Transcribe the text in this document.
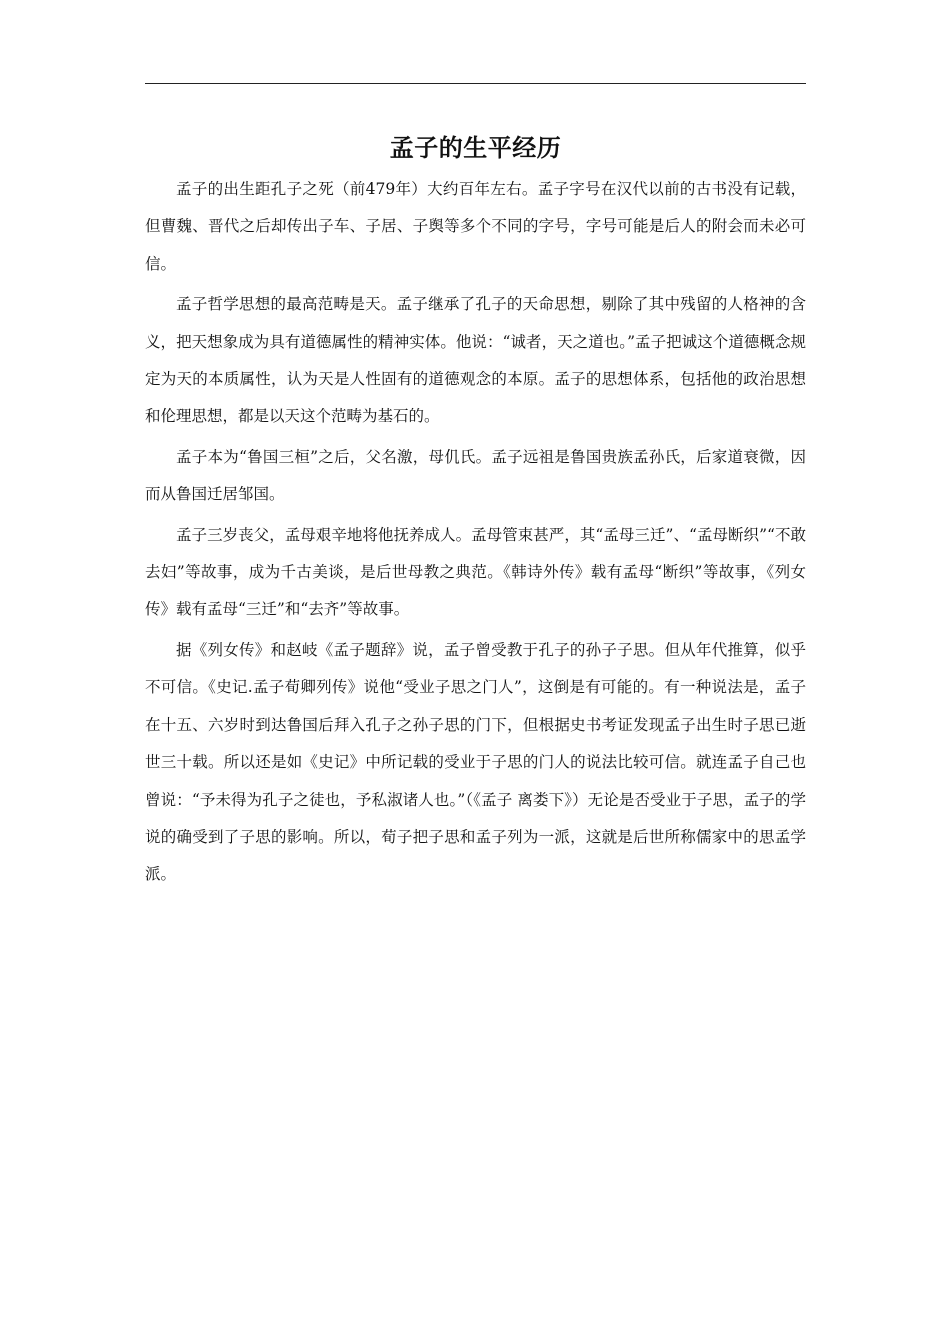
孟子的生平经历

孟子的出生距孔子之死（前479年）大约百年左右。孟子字号在汉代以前的古书没有记载，但曹魏、晋代之后却传出子车、子居、子舆等多个不同的字号，字号可能是后人的附会而未必可信。

孟子哲学思想的最高范畴是天。孟子继承了孔子的天命思想，剔除了其中残留的人格神的含义，把天想象成为具有道德属性的精神实体。他说：“诚者，天之道也。”孟子把诚这个道德概念规定为天的本质属性，认为天是人性固有的道德观念的本原。孟子的思想体系，包括他的政治思想和伦理思想，都是以天这个范畴为基石的。

孟子本为“鲁国三桓”之后，父名激，母仉氏。孟子远祖是鲁国贵族孟孙氏，后家道衰微，因而从鲁国迁居邹国。

孟子三岁丧父，孟母艰辛地将他抚养成人。孟母管束甚严，其“孟母三迁”、“孟母断织”“不敢去妇”等故事，成为千古美谈，是后世母教之典范。《韩诗外传》载有孟母“断织”等故事，《列女传》载有孟母“三迁”和“去齐”等故事。

据《列女传》和赵岐《孟子题辞》说，孟子曾受教于孔子的孙子子思。但从年代推算，似乎不可信。《史记.孟子荀卿列传》说他“受业子思之门人”，这倒是有可能的。有一种说法是，孟子在十五、六岁时到达鲁国后拜入孔子之孙子思的门下，但根据史书考证发现孟子出生时子思已逝世三十载。所以还是如《史记》中所记载的受业于子思的门人的说法比较可信。就连孟子自己也曾说：“予未得为孔子之徒也，予私淑诸人也。”（《孟子 离娄下》）无论是否受业于子思，孟子的学说的确受到了子思的影响。所以，荀子把子思和孟子列为一派，这就是后世所称儒家中的思孟学派。
